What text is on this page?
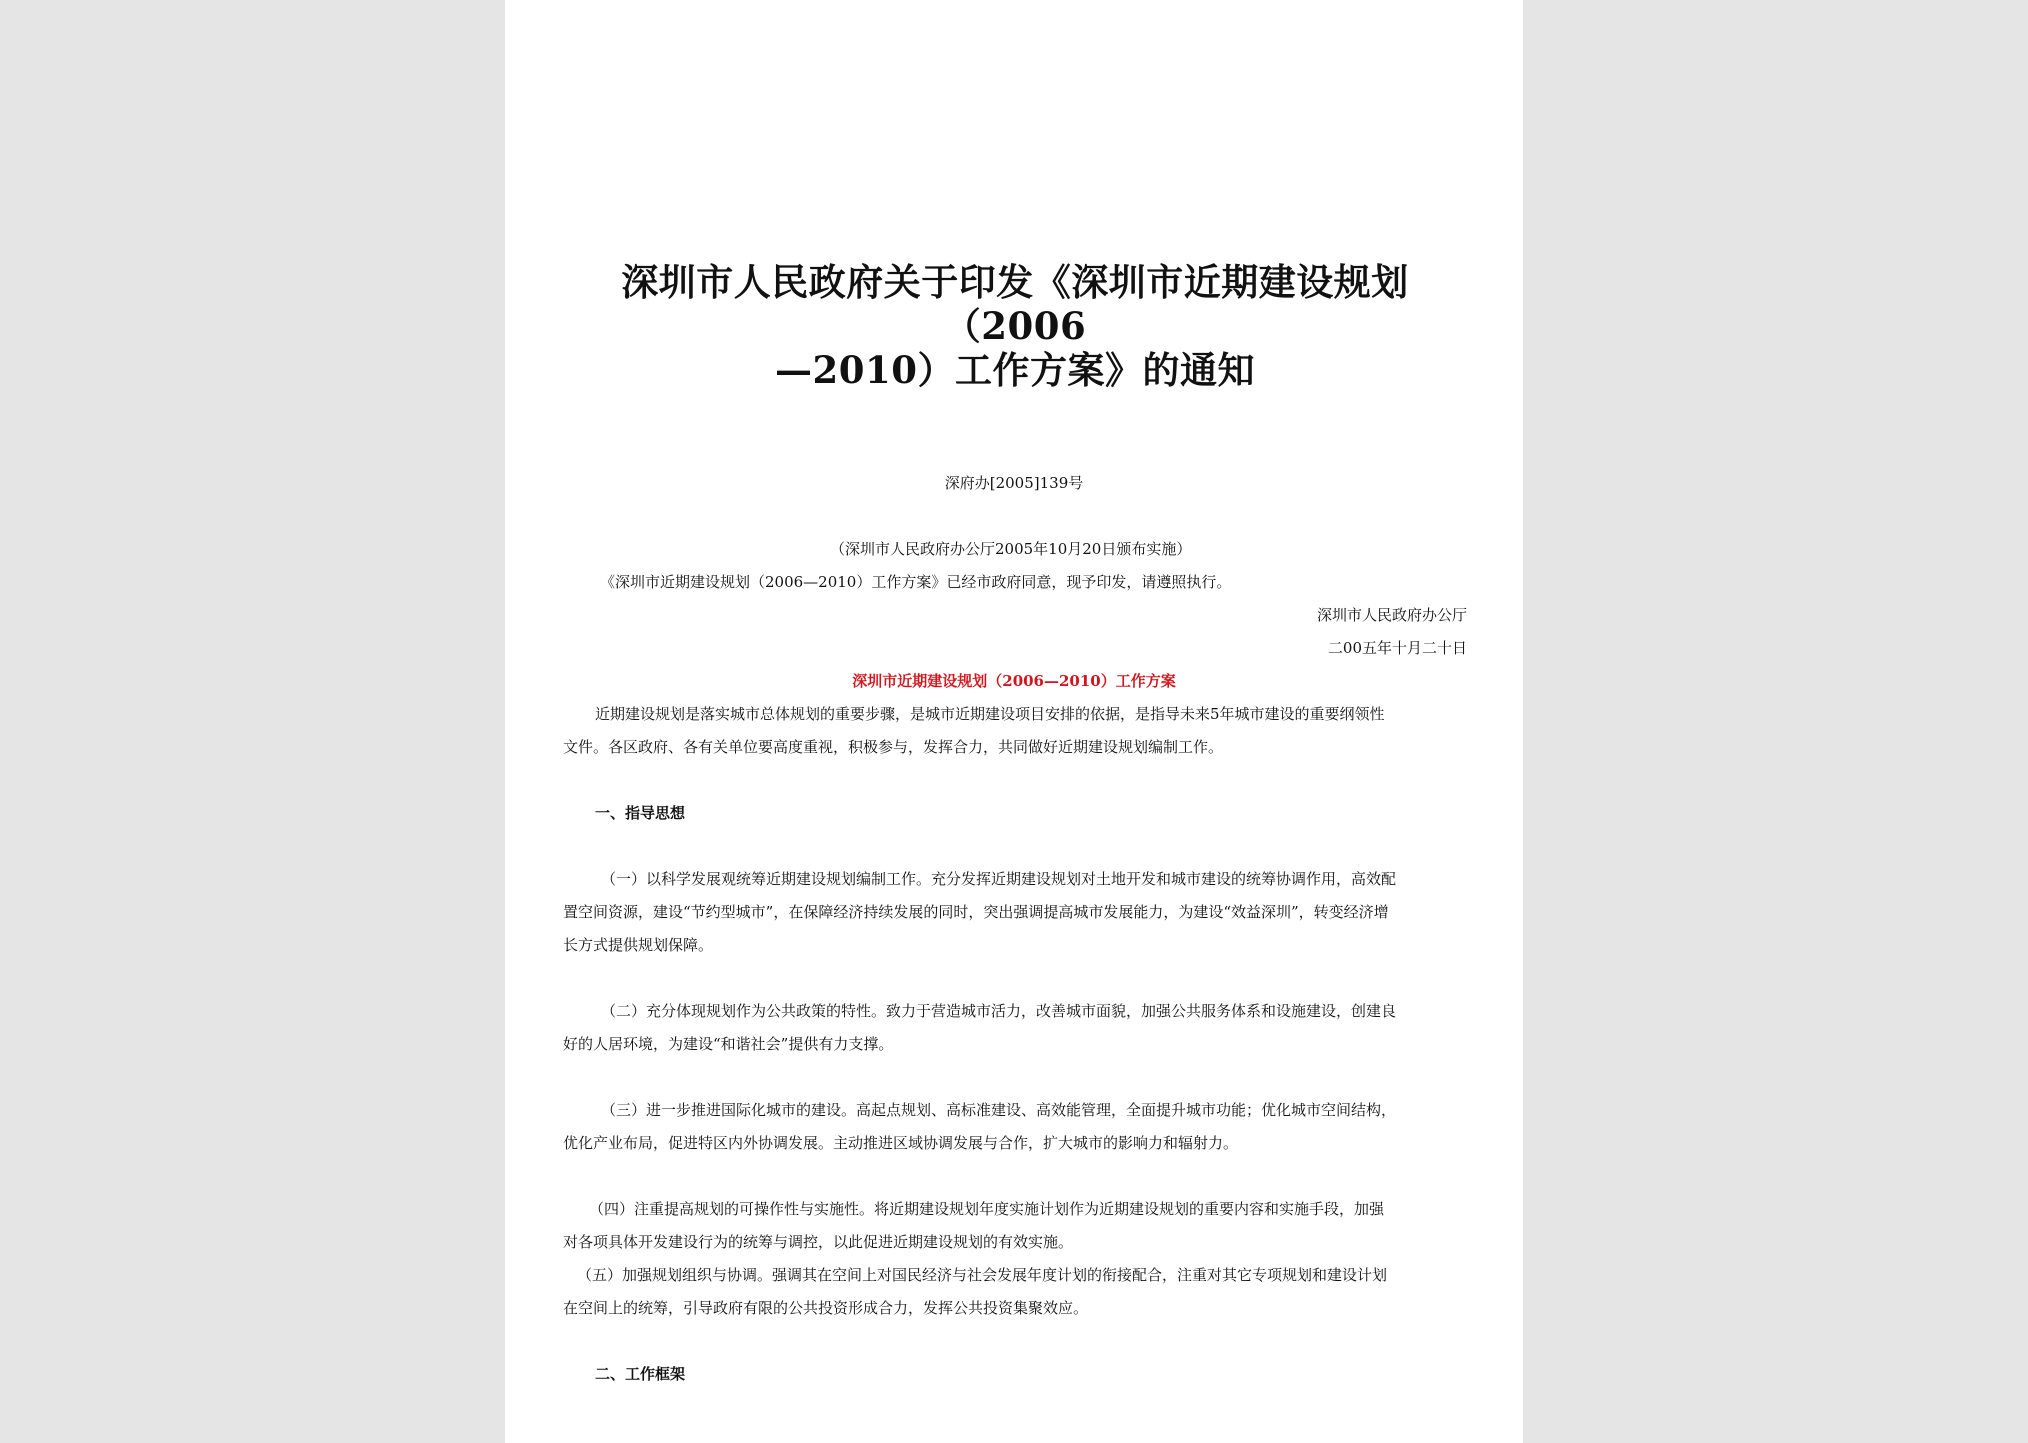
深圳市人民政府关于印发《深圳市近期建设规划（2006
—2010）工作方案》的通知
深府办[2005]139号
（深圳市人民政府办公厅2005年10月20日颁布实施）
《深圳市近期建设规划（2006—2010）工作方案》已经市政府同意，现予印发，请遵照执行。
深圳市人民政府办公厅
二00五年十月二十日
深圳市近期建设规划（2006—2010）工作方案
近期建设规划是落实城市总体规划的重要步骤，是城市近期建设项目安排的依据，是指导未来5年城市建设的重要纲领性
文件。各区政府、各有关单位要高度重视，积极参与，发挥合力，共同做好近期建设规划编制工作。
一、指导思想
（一）以科学发展观统筹近期建设规划编制工作。充分发挥近期建设规划对土地开发和城市建设的统筹协调作用，高效配
置空间资源，建设“节约型城市”，在保障经济持续发展的同时，突出强调提高城市发展能力，为建设“效益深圳”，转变经济增
长方式提供规划保障。
（二）充分体现规划作为公共政策的特性。致力于营造城市活力，改善城市面貌，加强公共服务体系和设施建设，创建良
好的人居环境，为建设“和谐社会”提供有力支撑。
（三）进一步推进国际化城市的建设。高起点规划、高标准建设、高效能管理，全面提升城市功能；优化城市空间结构，
优化产业布局，促进特区内外协调发展。主动推进区域协调发展与合作，扩大城市的影响力和辐射力。
（四）注重提高规划的可操作性与实施性。将近期建设规划年度实施计划作为近期建设规划的重要内容和实施手段，加强
对各项具体开发建设行为的统筹与调控，以此促进近期建设规划的有效实施。
（五）加强规划组织与协调。强调其在空间上对国民经济与社会发展年度计划的衔接配合，注重对其它专项规划和建设计划
在空间上的统筹，引导政府有限的公共投资形成合力，发挥公共投资集聚效应。
二、工作框架
